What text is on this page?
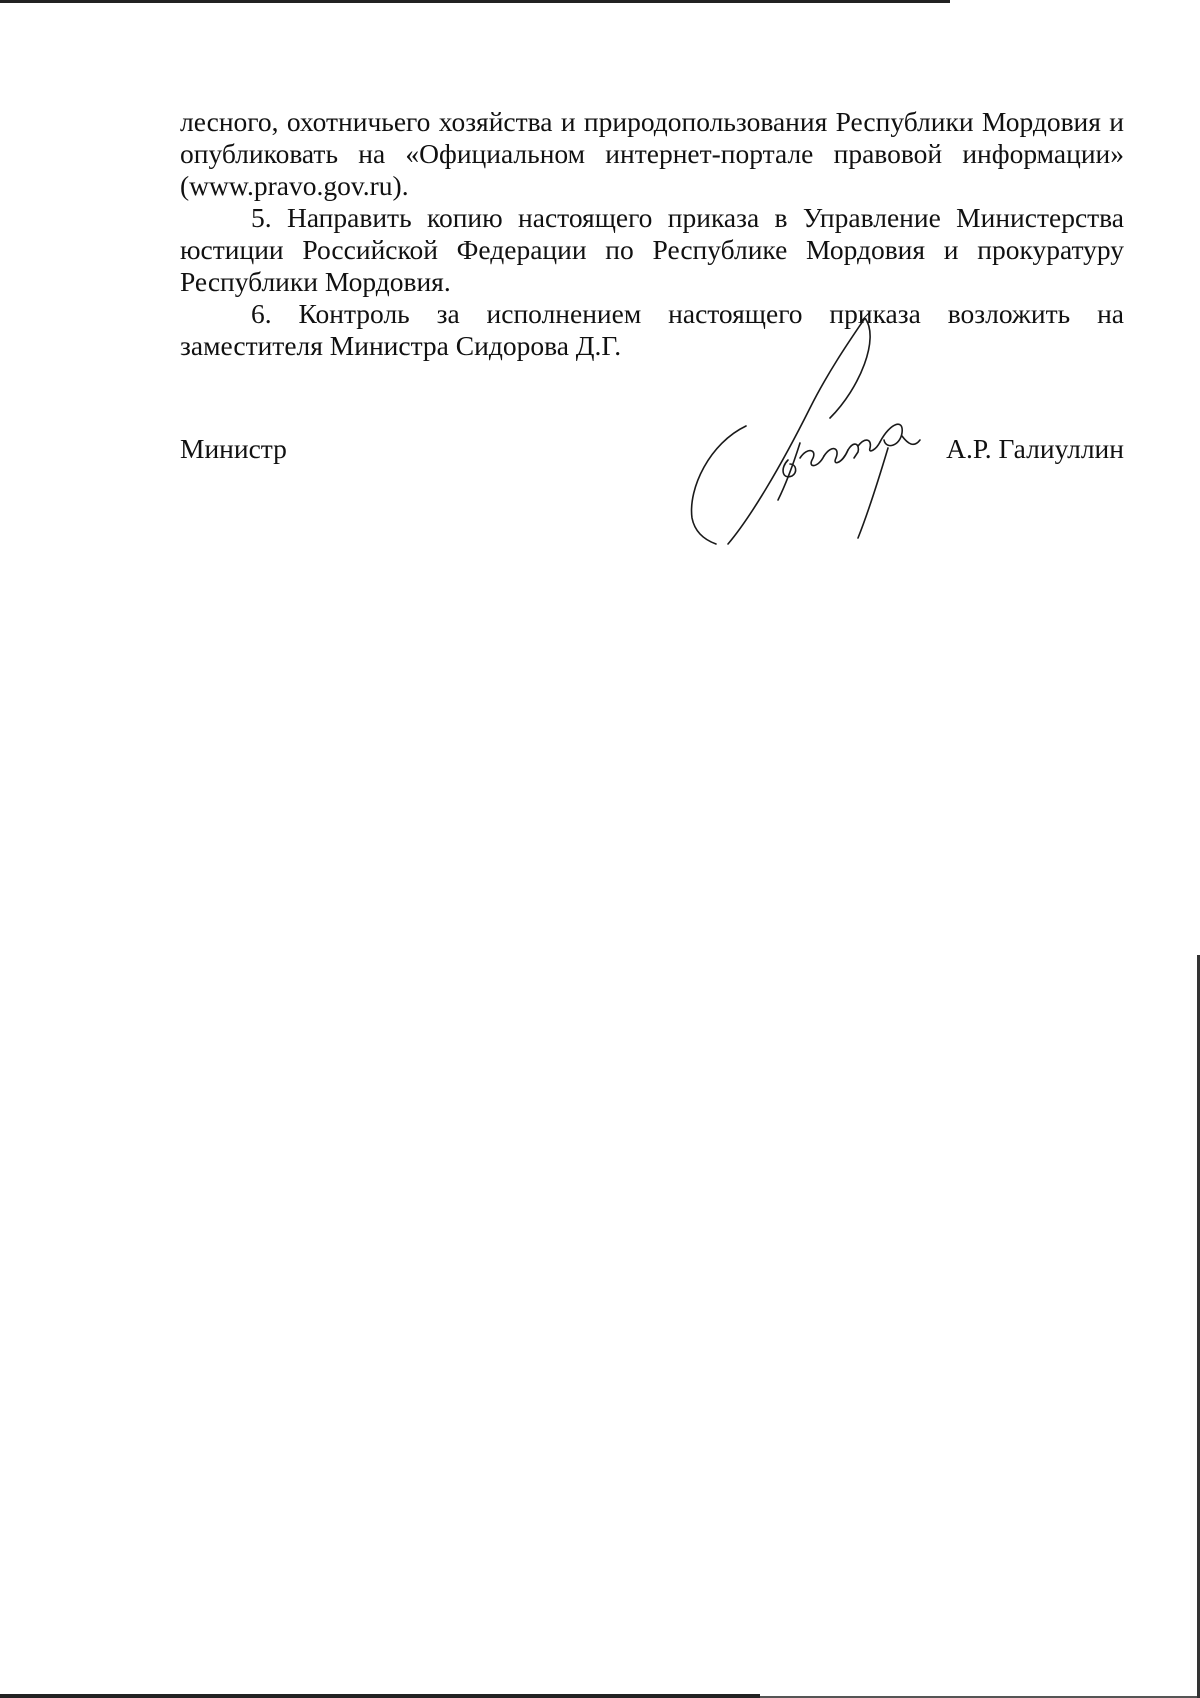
лесного, охотничьего хозяйства и природопользования Республики Мордовия и опубликовать на «Официальном интернет-портале правовой информации» (www.pravo.gov.ru).

5. Направить копию настоящего приказа в Управление Министерства юстиции Российской Федерации по Республике Мордовия и прокуратуру Республики Мордовия.

6. Контроль за исполнением настоящего приказа возложить на заместителя Министра Сидорова Д.Г.

Министр	А.Р. Галиуллин
